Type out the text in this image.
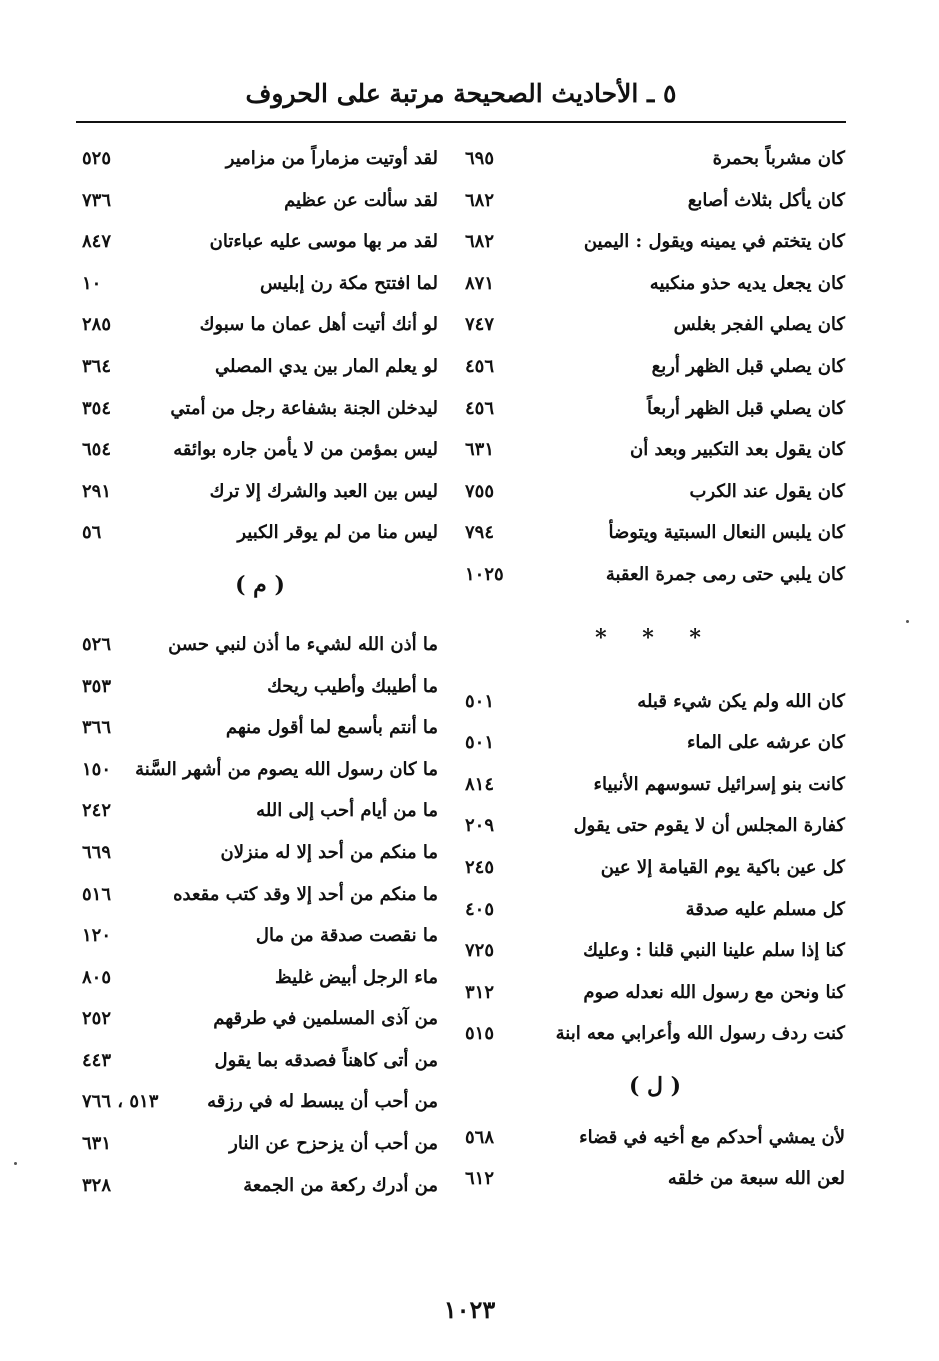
٥ ـ الأحاديث الصحيحة مرتبة على الحروف
كان مشرباً بحمرة
٦٩٥
كان يأكل بثلاث أصابع
٦٨٢
كان يتختم في يمينه ويقول : اليمين
٦٨٢
كان يجعل يديه حذو منكبيه
٨٧١
كان يصلي الفجر بغلس
٧٤٧
كان يصلي قبل الظهر أربع
٤٥٦
كان يصلي قبل الظهر أربعاً
٤٥٦
كان يقول بعد التكبير وبعد أن
٦٣١
كان يقول عند الكرب
٧٥٥
كان يلبس النعال السبتية ويتوضأ
٧٩٤
كان يلبي حتى رمى جمرة العقبة
١٠٢٥
* * *
كان الله ولم يكن شيء قبله
٥٠١
كان عرشه على الماء
٥٠١
كانت بنو إسرائيل تسوسهم الأنبياء
٨١٤
كفارة المجلس أن لا يقوم حتى يقول
٢٠٩
كل عين باكية يوم القيامة إلا عين
٢٤٥
كل مسلم عليه صدقة
٤٠٥
كنا إذا سلم علينا النبي قلنا : وعليك
٧٢٥
كنا ونحن مع رسول الله نعدله صوم
٣١٢
كنت ردف رسول الله وأعرابي معه ابنة
٥١٥
( ل )
لأن يمشي أحدكم مع أخيه في قضاء
٥٦٨
لعن الله سبعة من خلقه
٦١٢
لقد أوتيت مزماراً من مزامير
٥٢٥
لقد سألت عن عظيم
٧٣٦
لقد مر بها موسى عليه عباءتان
٨٤٧
لما افتتح مكة رن إبليس
١٠
لو أنك أتيت أهل عمان ما سبوك
٢٨٥
لو يعلم المار بين يدي المصلي
٣٦٤
ليدخلن الجنة بشفاعة رجل من أمتي
٣٥٤
ليس بمؤمن من لا يأمن جاره بوائقه
٦٥٤
ليس بين العبد والشرك إلا ترك
٢٩١
ليس منا من لم يوقر الكبير
٥٦
( م )
ما أذن الله لشيء ما أذن لنبي حسن
٥٢٦
ما أطيبك وأطيب ريحك
٣٥٣
ما أنتم بأسمع لما أقول منهم
٣٦٦
ما كان رسول الله يصوم من أشهر السَّنة
١٥٠
ما من أيام أحب إلى الله
٢٤٢
ما منكم من أحد إلا له منزلان
٦٦٩
ما منكم من أحد إلا وقد كتب مقعده
٥١٦
ما نقصت صدقة من مال
١٢٠
ماء الرجل أبيض غليظ
٨٠٥
من آذى المسلمين في طرقهم
٢٥٢
من أتى كاهناً فصدقه بما يقول
٤٤٣
من أحب أن يبسط له في رزقه
٥١٣ ، ٧٦٦
من أحب أن يزحزح عن النار
٦٣١
من أدرك ركعة من الجمعة
٣٢٨
١٠٢٣
